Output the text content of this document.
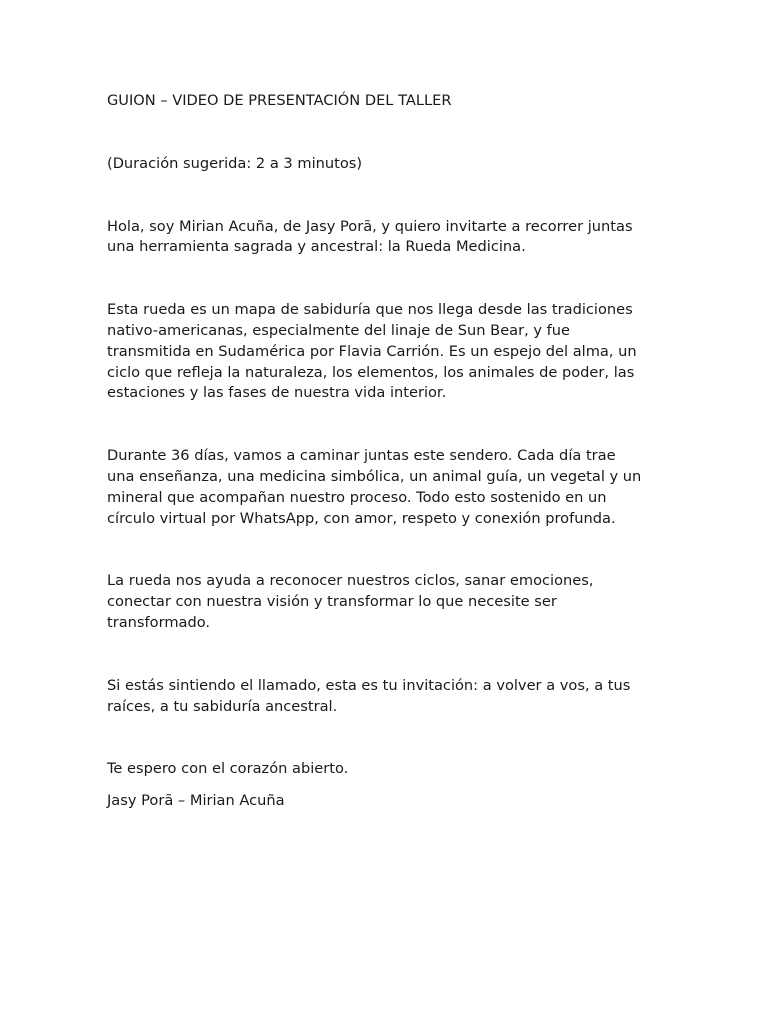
GUION – VIDEO DE PRESENTACIÓN DEL TALLER

(Duración sugerida: 2 a 3 minutos)

Hola, soy Mirian Acuña, de Jasy Porã, y quiero invitarte a recorrer juntas
una herramienta sagrada y ancestral: la Rueda Medicina.

Esta rueda es un mapa de sabiduría que nos llega desde las tradiciones
nativo-americanas, especialmente del linaje de Sun Bear, y fue
transmitida en Sudamérica por Flavia Carrión. Es un espejo del alma, un
ciclo que refleja la naturaleza, los elementos, los animales de poder, las
estaciones y las fases de nuestra vida interior.

Durante 36 días, vamos a caminar juntas este sendero. Cada día trae
una enseñanza, una medicina simbólica, un animal guía, un vegetal y un
mineral que acompañan nuestro proceso. Todo esto sostenido en un
círculo virtual por WhatsApp, con amor, respeto y conexión profunda.

La rueda nos ayuda a reconocer nuestros ciclos, sanar emociones,
conectar con nuestra visión y transformar lo que necesite ser
transformado.

Si estás sintiendo el llamado, esta es tu invitación: a volver a vos, a tus
raíces, a tu sabiduría ancestral.

Te espero con el corazón abierto.

Jasy Porã – Mirian Acuña
